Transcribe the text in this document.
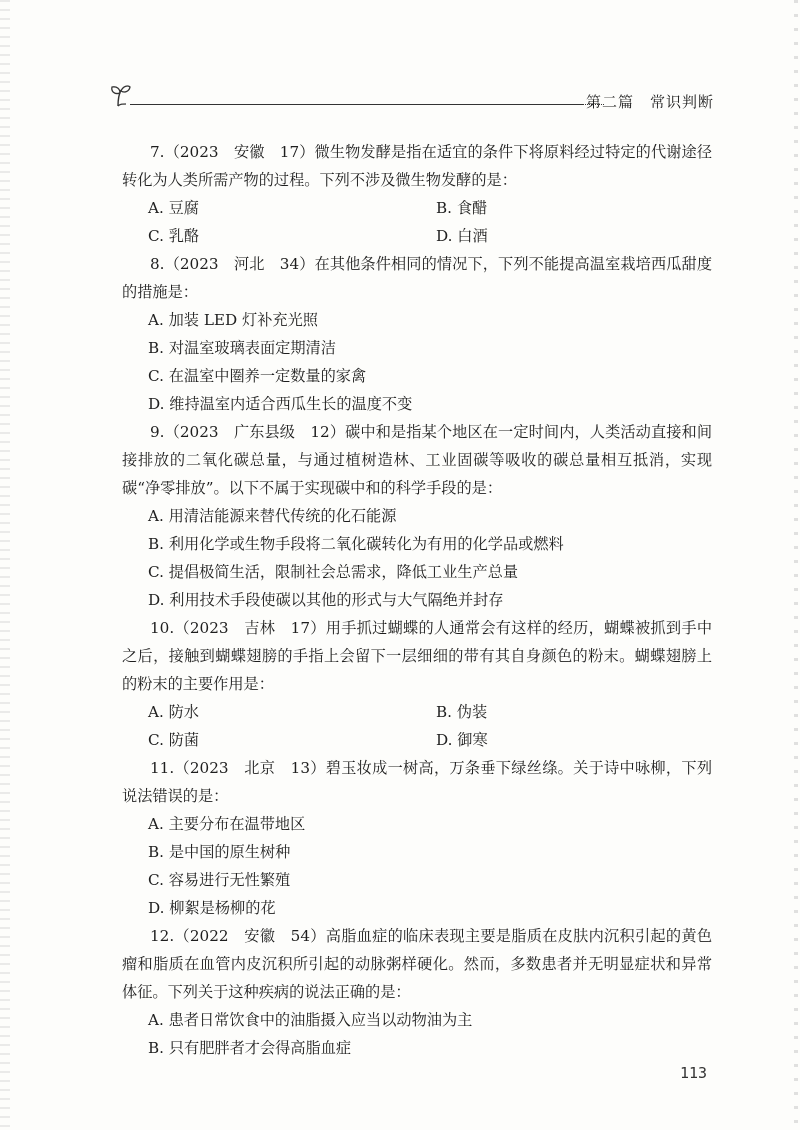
第二篇　常识判断

7.（2023　安徽　17）微生物发酵是指在适宜的条件下将原料经过特定的代谢途径转化为人类所需产物的过程。下列不涉及微生物发酵的是：

A. 豆腐	B. 食醋

C. 乳酪	D. 白酒

8.（2023　河北　34）在其他条件相同的情况下，下列不能提高温室栽培西瓜甜度的措施是：

A. 加装 LED 灯补充光照

B. 对温室玻璃表面定期清洁

C. 在温室中圈养一定数量的家禽

D. 维持温室内适合西瓜生长的温度不变

9.（2023　广东县级　12）碳中和是指某个地区在一定时间内，人类活动直接和间接排放的二氧化碳总量，与通过植树造林、工业固碳等吸收的碳总量相互抵消，实现碳“净零排放”。以下不属于实现碳中和的科学手段的是：

A. 用清洁能源来替代传统的化石能源

B. 利用化学或生物手段将二氧化碳转化为有用的化学品或燃料

C. 提倡极简生活，限制社会总需求，降低工业生产总量

D. 利用技术手段使碳以其他的形式与大气隔绝并封存

10.（2023　吉林　17）用手抓过蝴蝶的人通常会有这样的经历，蝴蝶被抓到手中之后，接触到蝴蝶翅膀的手指上会留下一层细细的带有其自身颜色的粉末。蝴蝶翅膀上的粉末的主要作用是：

A. 防水	B. 伪装

C. 防菌	D. 御寒

11.（2023　北京　13）碧玉妆成一树高，万条垂下绿丝绦。关于诗中咏柳，下列说法错误的是：

A. 主要分布在温带地区

B. 是中国的原生树种

C. 容易进行无性繁殖

D. 柳絮是杨柳的花

12.（2022　安徽　54）高脂血症的临床表现主要是脂质在皮肤内沉积引起的黄色瘤和脂质在血管内皮沉积所引起的动脉粥样硬化。然而，多数患者并无明显症状和异常体征。下列关于这种疾病的说法正确的是：

A. 患者日常饮食中的油脂摄入应当以动物油为主

B. 只有肥胖者才会得高脂血症

113
